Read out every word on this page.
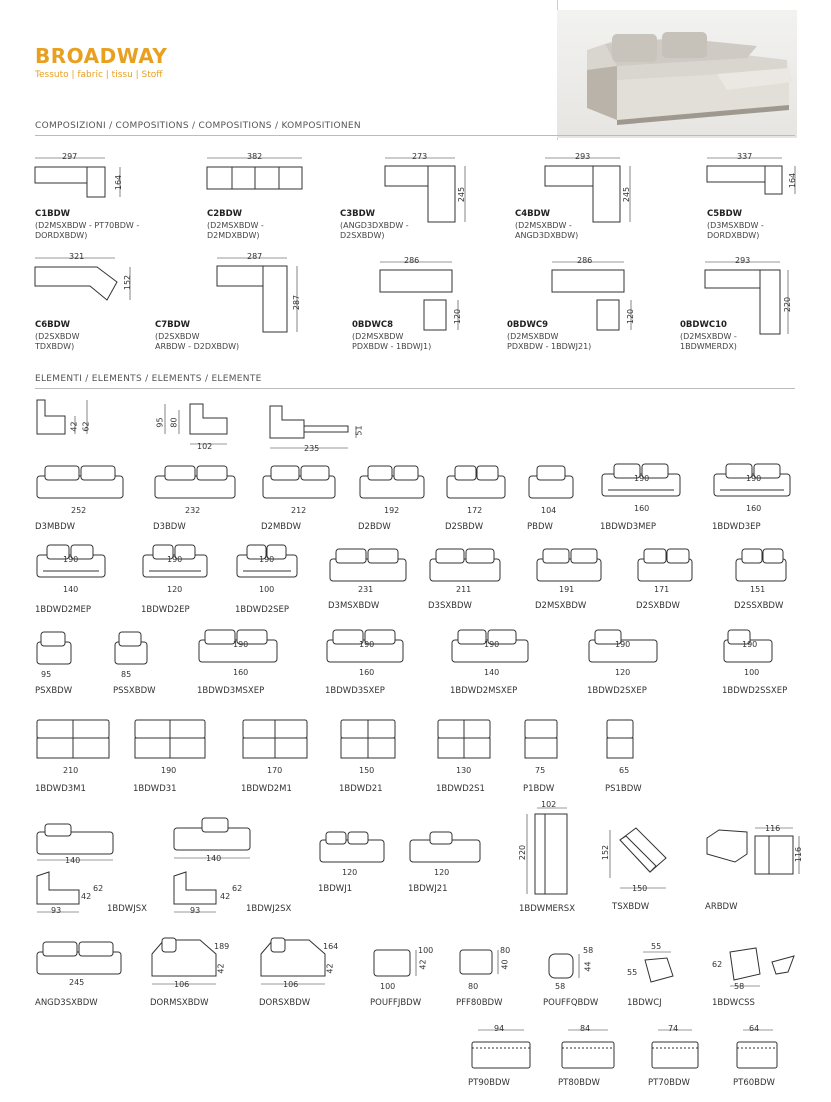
BROADWAY
Tessuto | fabric | tissu | Stoff
COMPOSIZIONI / COMPOSITIONS / COMPOSITIONS / KOMPOSITIONEN
297
164
C1BDW
(D2MSXBDW - PT70BDW -
DORDXBDW)
382
C2BDW
(D2MSXBDW -
D2MDXBDW)
273
245
C3BDW
(ANGD3DXBDW -
D2SXBDW)
293
245
C4BDW
(D2MSXBDW -
ANGD3DXBDW)
337
164
C5BDW
(D3MSXBDW -
DORDXBDW)
321
152
C6BDW
(D2SXBDW
TDXBDW)
287
287
C7BDW
(D2SXBDW
ARBDW - D2DXBDW)
286
120
0BDWC8
(D2MSXBDW
PDXBDW - 1BDWJ1)
286
120
0BDWC9
(D2MSXBDW
PDXBDW - 1BDWJ21)
293
220
0BDWC10
(D2MSXBDW -
1BDWMERDX)
ELEMENTI / ELEMENTS / ELEMENTS / ELEMENTE
42 62	95 80
102	235
51
252
D3MBDW
232
D3BDW
212
D2MBDW
192
D2BDW
172
D2SBDW
104
PBDW
190
160
1BDWD3MEP
190
160
1BDWD3EP
190
140
1BDWD2MEP
190
120
1BDWD2EP
190
100
1BDWD2SEP
231
D3MSXBDW
211
D3SXBDW
191
D2MSXBDW
171
D2SXBDW
151
D2SSXBDW
95
PSXBDW
85
PSSXBDW
190
160
1BDWD3MSXEP
190
160
1BDWD3SXEP
190
140
1BDWD2MSXEP
190
120
1BDWD2SXEP
190
100
1BDWD2SSXEP
210
1BDWD3M1
190
1BDWD31
170
1BDWD2M1
150
1BDWD21
130
1BDWD2S1
75
P1BDW
65
PS1BDW
140
93
42
62
1BDWJSX
140
93
42
62
1BDWJ2SX
120
1BDWJ1
120
1BDWJ21
102
220
1BDWMERSX
152
150
TSXBDW
116
116
ARBDW
245
ANGD3SXBDW
106
189
42
DORMSXBDW
106
164
42
DORSXBDW
100
42
100
POUFFJBDW
80
40
80
PFF80BDW
58
44
58
POUFFQBDW
55
55
1BDWCJ
62
58
1BDWCSS
94
PT90BDW
84
PT80BDW
74
PT70BDW
64
PT60BDW
